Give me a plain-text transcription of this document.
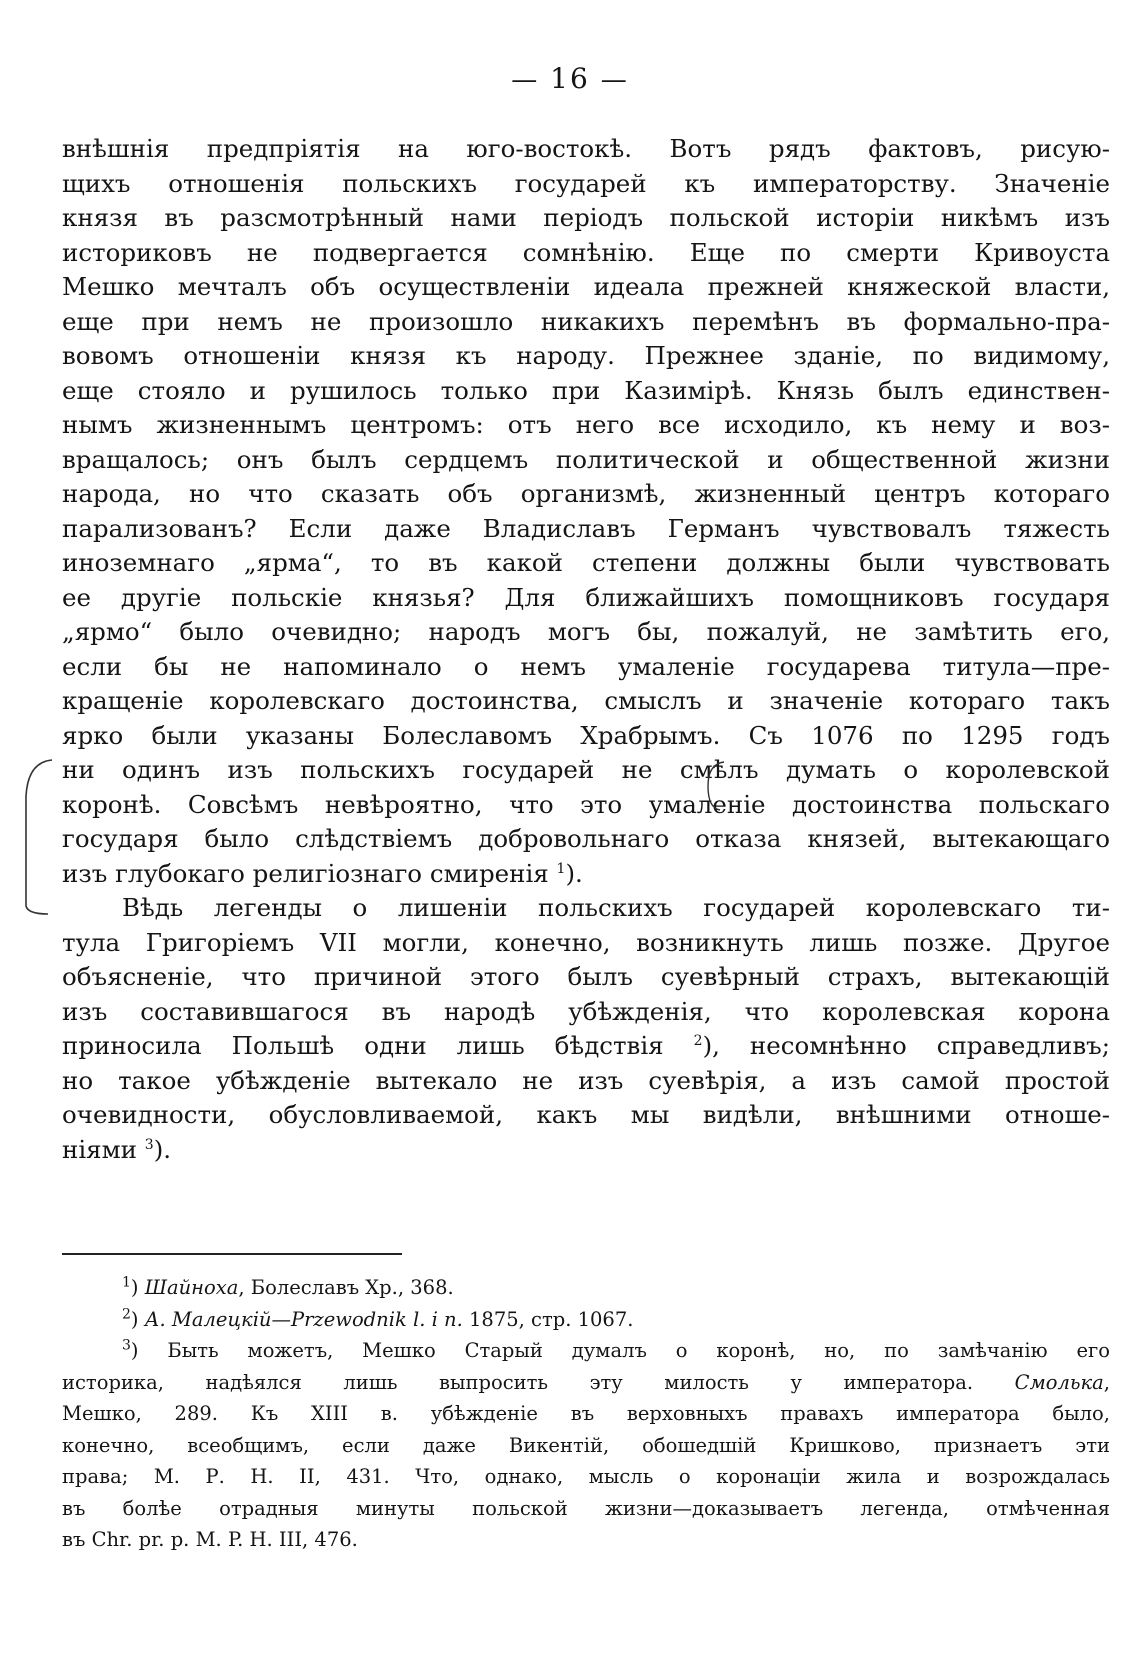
— 16 —
внѣшнія предпріятія на юго-востокѣ. Вотъ рядъ фактовъ, рисую-
щихъ отношенія польскихъ государей къ императорству. Значеніе
князя въ разсмотрѣнный нами періодъ польской исторіи никѣмъ изъ
историковъ не подвергается сомнѣнію. Еще по смерти Кривоуста
Мешко мечталъ объ осуществленіи идеала прежней княжеской власти,
еще при немъ не произошло никакихъ перемѣнъ въ формально-пра-
вовомъ отношеніи князя къ народу. Прежнее зданіе, по видимому,
еще стояло и рушилось только при Казимірѣ. Князь былъ единствен-
нымъ жизненнымъ центромъ: отъ него все исходило, къ нему и воз-
вращалось; онъ былъ сердцемъ политической и общественной жизни
народа, но что сказать объ организмѣ, жизненный центръ котораго
парализованъ? Если даже Владиславъ Германъ чувствовалъ тяжесть
иноземнаго „ярма“, то въ какой степени должны были чувствовать
ее другіе польскіе князья? Для ближайшихъ помощниковъ государя
„ярмо“ было очевидно; народъ могъ бы, пожалуй, не замѣтить его,
если бы не напоминало о немъ умаленіе государева титула—пре-
кращеніе королевскаго достоинства, смыслъ и значеніе котораго такъ
ярко были указаны Болеславомъ Храбрымъ. Съ 1076 по 1295 годъ
ни одинъ изъ польскихъ государей не смѣлъ думать о королевской
коронѣ. Совсѣмъ невѣроятно, что это умаленіе достоинства польскаго
государя было слѣдствіемъ добровольнаго отказа князей, вытекающаго
изъ глубокаго религіознаго смиренія $^1$).
Вѣдь легенды о лишеніи польскихъ государей королевскаго ти-
тула Григоріемъ VII могли, конечно, возникнуть лишь позже. Другое
объясненіе, что причиной этого былъ суевѣрный страхъ, вытекающій
изъ составившагося въ народѣ убѣжденія, что королевская корона
приносила Польшѣ одни лишь бѣдствія $^2$), несомнѣнно справедливъ;
но такое убѣжденіе вытекало не изъ суевѣрія, а изъ самой простой
очевидности, обусловливаемой, какъ мы видѣли, внѣшними отноше-
ніями $^3$).
$^1$) Шайноха, Болеславъ Хр., 368.
$^2$) А. Малецкій—Przewodnik l. i n. 1875, стр. 1067.
$^3$) Быть можетъ, Мешко Старый думалъ о коронѣ, но, по замѣчанію его
историка, надѣялся лишь выпросить эту милость у императора. Смолька,
Мешко, 289. Къ XIII в. убѣжденіе въ верховныхъ правахъ императора было,
конечно, всеобщимъ, если даже Викентій, обошедшій Кришково, признаетъ эти
права; М. Р. Н. II, 431. Что, однако, мысль о коронаціи жила и возрождалась
въ болѣе отрадныя минуты польской жизни—доказываетъ легенда, отмѣченная
въ Chr. pr. p. M. P. H. III, 476.
